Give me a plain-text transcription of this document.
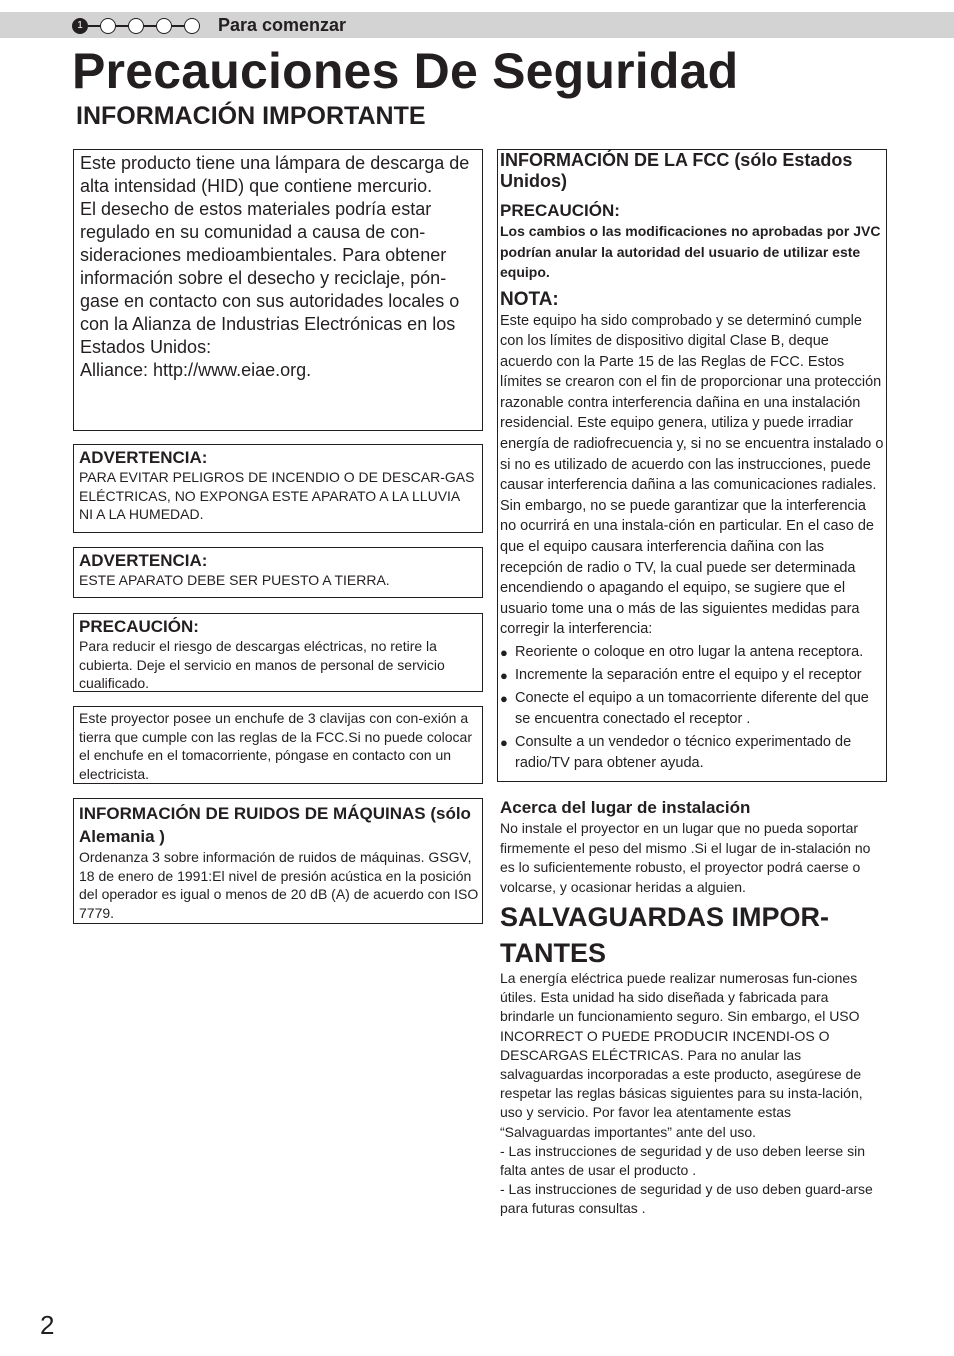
1	Para comenzar
Precauciones De Seguridad
INFORMACIÓN IMPORTANTE

Este producto tiene una lámpara de descarga de alta intensidad (HID) que contiene mercurio.

El desecho de estos materiales podría estar regulado en su comunidad a causa de con-sideraciones medioambientales. Para obtener información sobre el desecho y reciclaje, pón-gase en contacto con sus autoridades locales o con la Alianza de Industrias Electrónicas en los Estados Unidos:

Alliance: http://www.eiae.org.

ADVERTENCIA:

PARA EVITAR PELIGROS DE INCENDIO O DE DESCAR-GAS ELÉCTRICAS, NO EXPONGA ESTE APARATO A LA LLUVIA NI A LA HUMEDAD.

ADVERTENCIA:

ESTE APARATO DEBE SER PUESTO A TIERRA.

PRECAUCIÓN:

Para reducir el riesgo de descargas eléctricas, no retire la cubierta. Deje el servicio en manos de personal de servicio cualificado.

Este proyector posee un enchufe de 3 clavijas con con-exión a tierra que cumple con las reglas de la FCC.Si no puede colocar el enchufe en el tomacorriente, póngase en contacto con un electricista.

INFORMACIÓN DE RUIDOS DE MÁQUINAS (sólo Alemania )

Ordenanza 3 sobre información de ruidos de máquinas. GSGV, 18 de enero de 1991:El nivel de presión acústica en la posición del operador es igual o menos de 20 dB (A) de acuerdo con ISO 7779.

INFORMACIÓN DE LA FCC (sólo Estados Unidos)
PRECAUCIÓN:

Los cambios o las modificaciones no aprobadas por JVC podrían anular la autoridad del usuario de utilizar este equipo.

NOTA:

Este equipo ha sido comprobado y se determinó cumple con los límites de dispositivo digital Clase B, deque acuerdo con la Parte 15 de las Reglas de FCC. Estos límites se crearon con el fin de proporcionar una protección razonable contra interferencia dañina en una instalación residencial. Este equipo genera, utiliza y puede irradiar energía de radiofrecuencia y, si no se encuentra instalado o si no es utilizado de acuerdo con las instrucciones, puede causar interferencia dañina a las comunicaciones radiales. Sin embargo, no se puede garantizar que la interferencia no ocurrirá en una instala-ción en particular. En el caso de que el equipo causara interferencia dañina con las recepción de radio o TV, la cual puede ser determinada encendiendo o apagando el equipo, se sugiere que el usuario tome una o más de las siguientes medidas para corregir la interferencia:

● Reoriente o coloque en otro lugar la antena receptora.
● Incremente la separación entre el equipo y el receptor
● Conecte el equipo a un tomacorriente diferente del que se encuentra conectado el receptor .
● Consulte a un vendedor o técnico experimentado de radio/TV para obtener ayuda.
Acerca del lugar de instalación

No instale el proyector en un lugar que no pueda soportar firmemente el peso del mismo .Si el lugar de in-stalación no es lo suficientemente robusto, el proyector podrá caerse o volcarse, y ocasionar heridas a alguien.

SALVAGUARDAS IMPOR-
TANTES

La energía eléctrica puede realizar numerosas fun-ciones útiles. Esta unidad ha sido diseñada y fabricada para brindarle un funcionamiento seguro. Sin embargo, el USO INCORRECT O PUEDE PRODUCIR INCENDI-OS O DESCARGAS ELÉCTRICAS. Para no anular las salvaguardas incorporadas a este producto, asegúrese de respetar las reglas básicas siguientes para su insta-lación, uso y servicio. Por favor lea atentamente estas “Salvaguardas importantes” ante del uso.

- Las instrucciones de seguridad y de uso deben leerse sin falta antes de usar el producto .

- Las instrucciones de seguridad y de uso deben guard-arse para futuras consultas .

2
